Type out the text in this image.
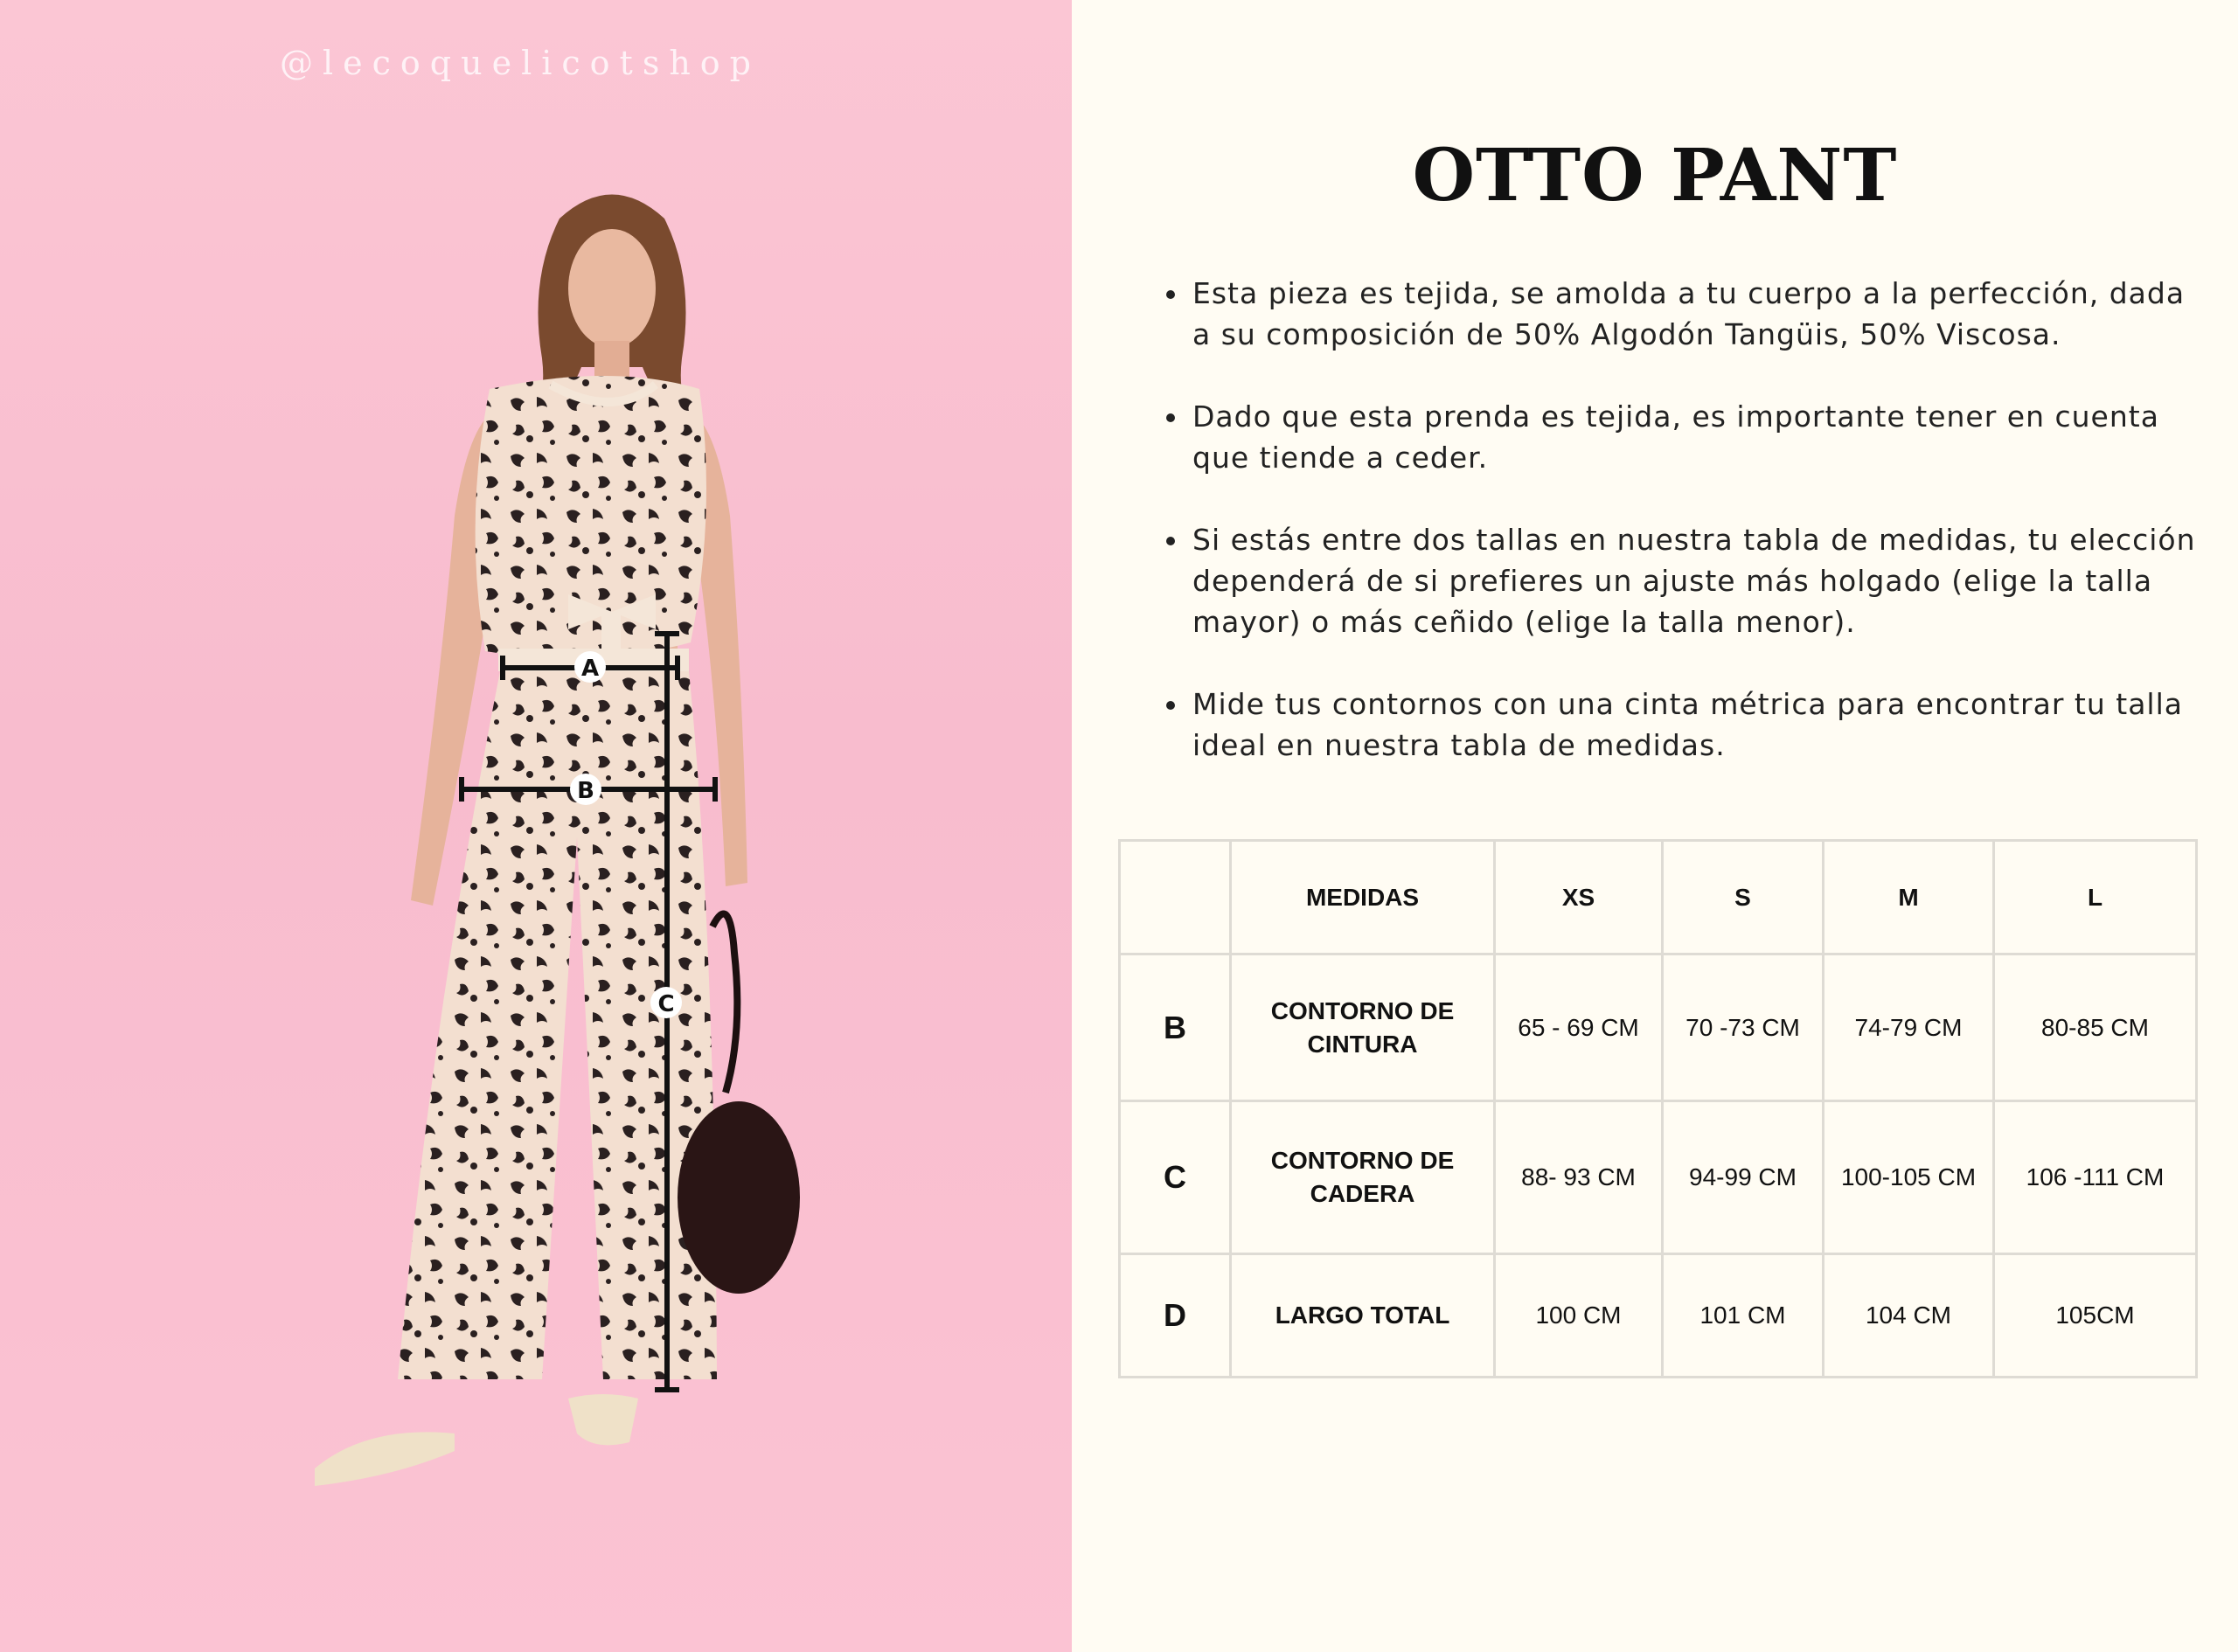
@lecoquelicotshop
A
B
C
OTTO PANT
Esta pieza es tejida, se amolda a tu cuerpo a la perfección, dada a su composición de 50% Algodón Tangüis, 50% Viscosa.
Dado que esta prenda es tejida, es importante tener en cuenta que tiende a ceder.
Si estás entre dos tallas en nuestra tabla de medidas, tu elección dependerá de si prefieres un ajuste más holgado (elige la talla mayor) o más ceñido (elige la talla menor).
Mide tus contornos con una cinta métrica para encontrar tu talla ideal en nuestra tabla de medidas.
	MEDIDAS	XS	S	M	L
B	CONTORNO DE CINTURA	65 - 69 CM	70 -73 CM	74-79 CM	80-85 CM
C	CONTORNO DE CADERA	88- 93 CM	94-99 CM	100-105 CM	106 -111 CM
D	LARGO TOTAL	100 CM	101 CM	104 CM	105CM
